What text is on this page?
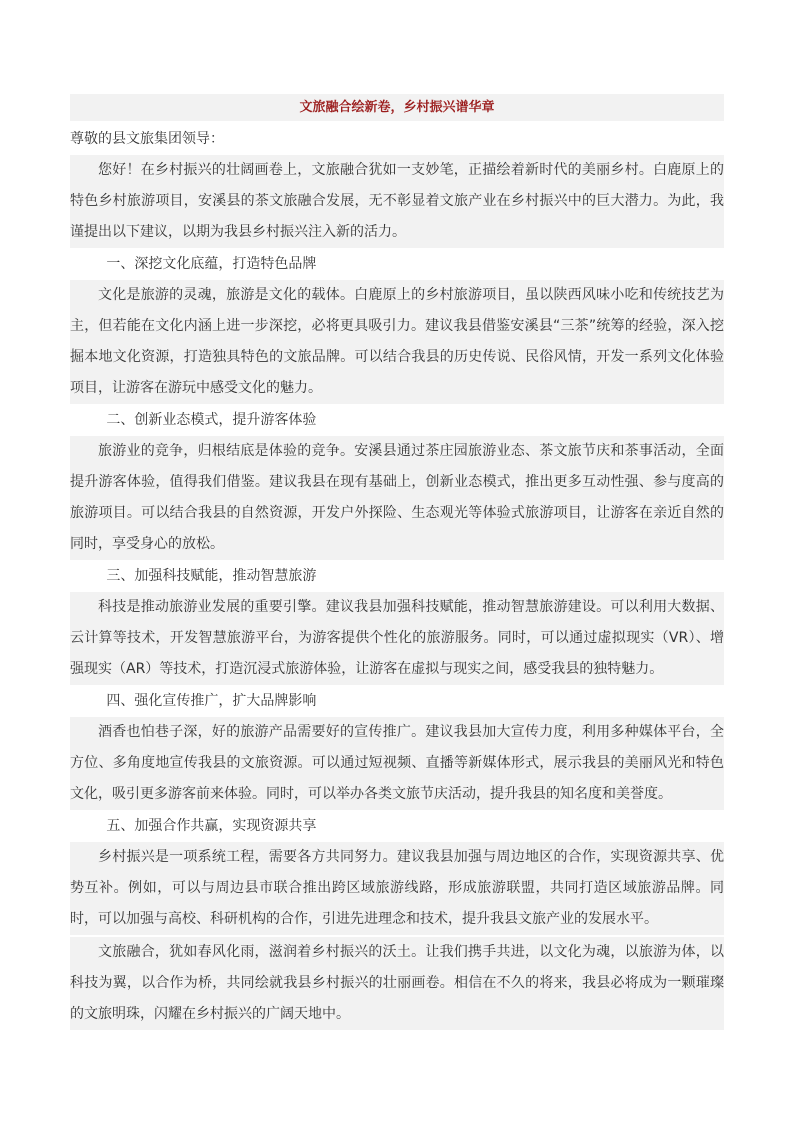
文旅融合绘新卷，乡村振兴谱华章
尊敬的县文旅集团领导：
您好！在乡村振兴的壮阔画卷上，文旅融合犹如一支妙笔，正描绘着新时代的美丽乡村。白鹿原上的特色乡村旅游项目，安溪县的茶文旅融合发展，无不彰显着文旅产业在乡村振兴中的巨大潜力。为此，我谨提出以下建议，以期为我县乡村振兴注入新的活力。
一、深挖文化底蕴，打造特色品牌
文化是旅游的灵魂，旅游是文化的载体。白鹿原上的乡村旅游项目，虽以陕西风味小吃和传统技艺为主，但若能在文化内涵上进一步深挖，必将更具吸引力。建议我县借鉴安溪县“三茶”统筹的经验，深入挖掘本地文化资源，打造独具特色的文旅品牌。可以结合我县的历史传说、民俗风情，开发一系列文化体验项目，让游客在游玩中感受文化的魅力。
二、创新业态模式，提升游客体验
旅游业的竞争，归根结底是体验的竞争。安溪县通过茶庄园旅游业态、茶文旅节庆和茶事活动，全面提升游客体验，值得我们借鉴。建议我县在现有基础上，创新业态模式，推出更多互动性强、参与度高的旅游项目。可以结合我县的自然资源，开发户外探险、生态观光等体验式旅游项目，让游客在亲近自然的同时，享受身心的放松。
三、加强科技赋能，推动智慧旅游
科技是推动旅游业发展的重要引擎。建议我县加强科技赋能，推动智慧旅游建设。可以利用大数据、云计算等技术，开发智慧旅游平台，为游客提供个性化的旅游服务。同时，可以通过虚拟现实（VR）、增强现实（AR）等技术，打造沉浸式旅游体验，让游客在虚拟与现实之间，感受我县的独特魅力。
四、强化宣传推广，扩大品牌影响
酒香也怕巷子深，好的旅游产品需要好的宣传推广。建议我县加大宣传力度，利用多种媒体平台，全方位、多角度地宣传我县的文旅资源。可以通过短视频、直播等新媒体形式，展示我县的美丽风光和特色文化，吸引更多游客前来体验。同时，可以举办各类文旅节庆活动，提升我县的知名度和美誉度。
五、加强合作共赢，实现资源共享
乡村振兴是一项系统工程，需要各方共同努力。建议我县加强与周边地区的合作，实现资源共享、优势互补。例如，可以与周边县市联合推出跨区域旅游线路，形成旅游联盟，共同打造区域旅游品牌。同时，可以加强与高校、科研机构的合作，引进先进理念和技术，提升我县文旅产业的发展水平。
文旅融合，犹如春风化雨，滋润着乡村振兴的沃土。让我们携手共进，以文化为魂，以旅游为体，以科技为翼，以合作为桥，共同绘就我县乡村振兴的壮丽画卷。相信在不久的将来，我县必将成为一颗璀璨的文旅明珠，闪耀在乡村振兴的广阔天地中。
